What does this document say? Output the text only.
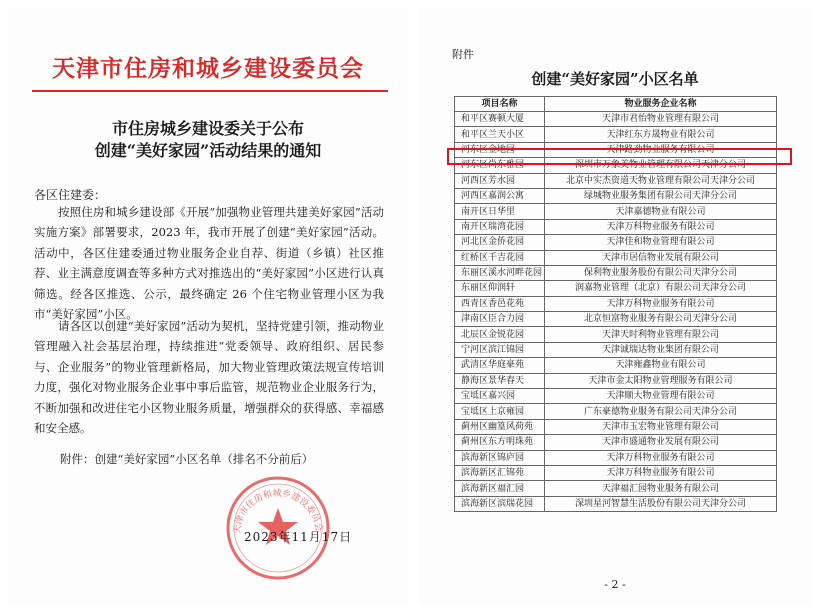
天津市住房和城乡建设委员会
市住房城乡建设委关于公布
创建“美好家园”活动结果的通知
各区住建委：
按照住房和城乡建设部《开展“加强物业管理共建美好家园”活动实施方案》部署要求，2023 年，我市开展了创建“美好家园”活动。活动中，各区住建委通过物业服务企业自荐、街道（乡镇）社区推荐、业主满意度调查等多种方式对推选出的“美好家园”小区进行认真筛选。经各区推选、公示，最终确定 26 个住宅物业管理小区为我市“美好家园”小区。
请各区以创建“美好家园”活动为契机，坚持党建引领，推动物业管理融入社会基层治理，持续推进“党委领导、政府组织、居民参与、企业服务”的物业管理新格局，加大物业管理政策法规宣传培训力度，强化对物业服务企业事中事后监管，规范物业企业服务行为，不断加强和改进住宅小区物业服务质量，增强群众的获得感、幸福感和安全感。
附件：创建“美好家园”小区名单（排名不分前后）
天津市住房和城乡建设委员会
2023年11月17日
附件
创建“美好家园”小区名单
项目名称	物业服务企业名称
和平区赛顿大厦	天津市君怡物业管理有限公司
和平区兰天小区	天津红东方晟物业有限公司
河东区金地园	天津路劲物业服务有限公司
河东区尚东雅园	深圳市万象美物业管理有限公司天津分公司
河西区芳水园	北京中实杰资道天物业管理有限公司天津分公司
河西区嘉润公寓	绿城物业服务集团有限公司天津分公司
南开区日华里	天津嘉德物业有限公司
南开区瑞湾花园	天津万科物业服务有限公司
河北区金侨花园	天津佳和物业管理有限公司
红桥区千吉花园	天津市居信物业发展有限公司
东丽区溪水河畔花园	保利物业服务股份有限公司天津分公司
东丽区仰润轩	润嘉物业管理（北京）有限公司天津分公司
西青区香邑花苑	天津万科物业服务有限公司
津南区臣合力园	北京恒富物业服务有限公司天津分公司
北辰区金锐花园	天津天时利物业管理有限公司
宁河区滨江锦园	天津诚瑞达物业集团有限公司
武清区华庭豪苑	天津雍鑫物业有限公司
静海区景华春天	天津市金太阳物业管理服务有限公司
宝坻区嘉兴园	天津顺大物业管理有限公司
宝坻区上京雍园	广东豪德物业服务有限公司天津分公司
蓟州区幽篁风荷苑	天津市玉宏物业管理有限公司
蓟州区东方明珠苑	天津市盛通物业发展有限公司
滨海新区锦庐园	天津万科物业服务有限公司
滨海新区汇锦苑	天津万科物业服务有限公司
滨海新区福汇园	天津福汇园物业服务有限公司
滨海新区滨瑞花园	深圳星河智慧生活股份有限公司天津分公司
- 2 -
